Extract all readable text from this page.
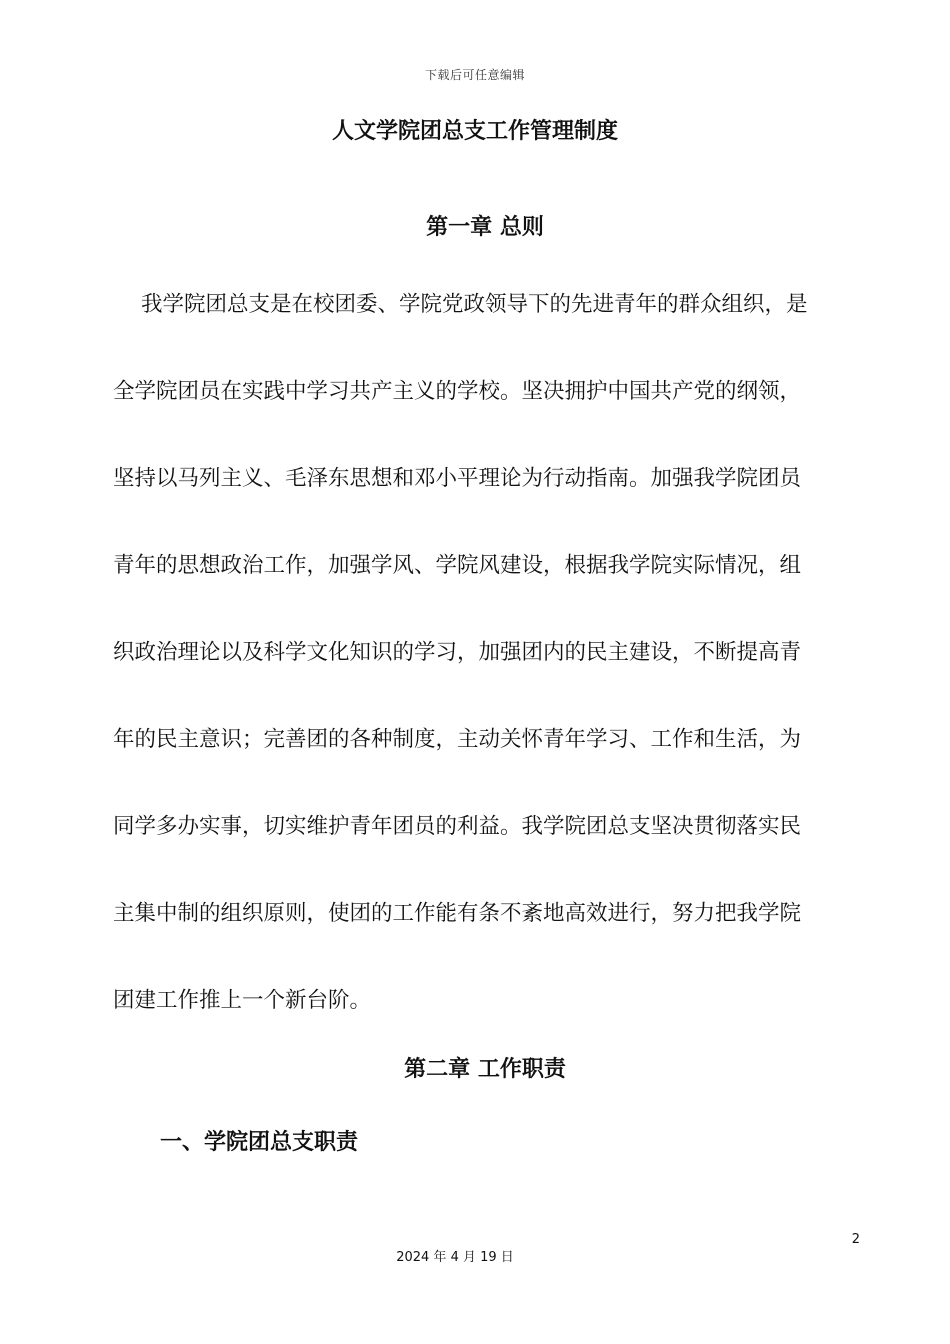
下载后可任意编辑
人文学院团总支工作管理制度
第一章 总则
我学院团总支是在校团委、学院党政领导下的先进青年的群众组织，是
全学院团员在实践中学习共产主义的学校。坚决拥护中国共产党的纲领，
坚持以马列主义、毛泽东思想和邓小平理论为行动指南。加强我学院团员
青年的思想政治工作，加强学风、学院风建设，根据我学院实际情况，组
织政治理论以及科学文化知识的学习，加强团内的民主建设，不断提高青
年的民主意识；完善团的各种制度，主动关怀青年学习、工作和生活，为
同学多办实事，切实维护青年团员的利益。我学院团总支坚决贯彻落实民
主集中制的组织原则，使团的工作能有条不紊地高效进行，努力把我学院
团建工作推上一个新台阶。
第二章 工作职责
一、学院团总支职责
2
2024 年 4 月 19 日
